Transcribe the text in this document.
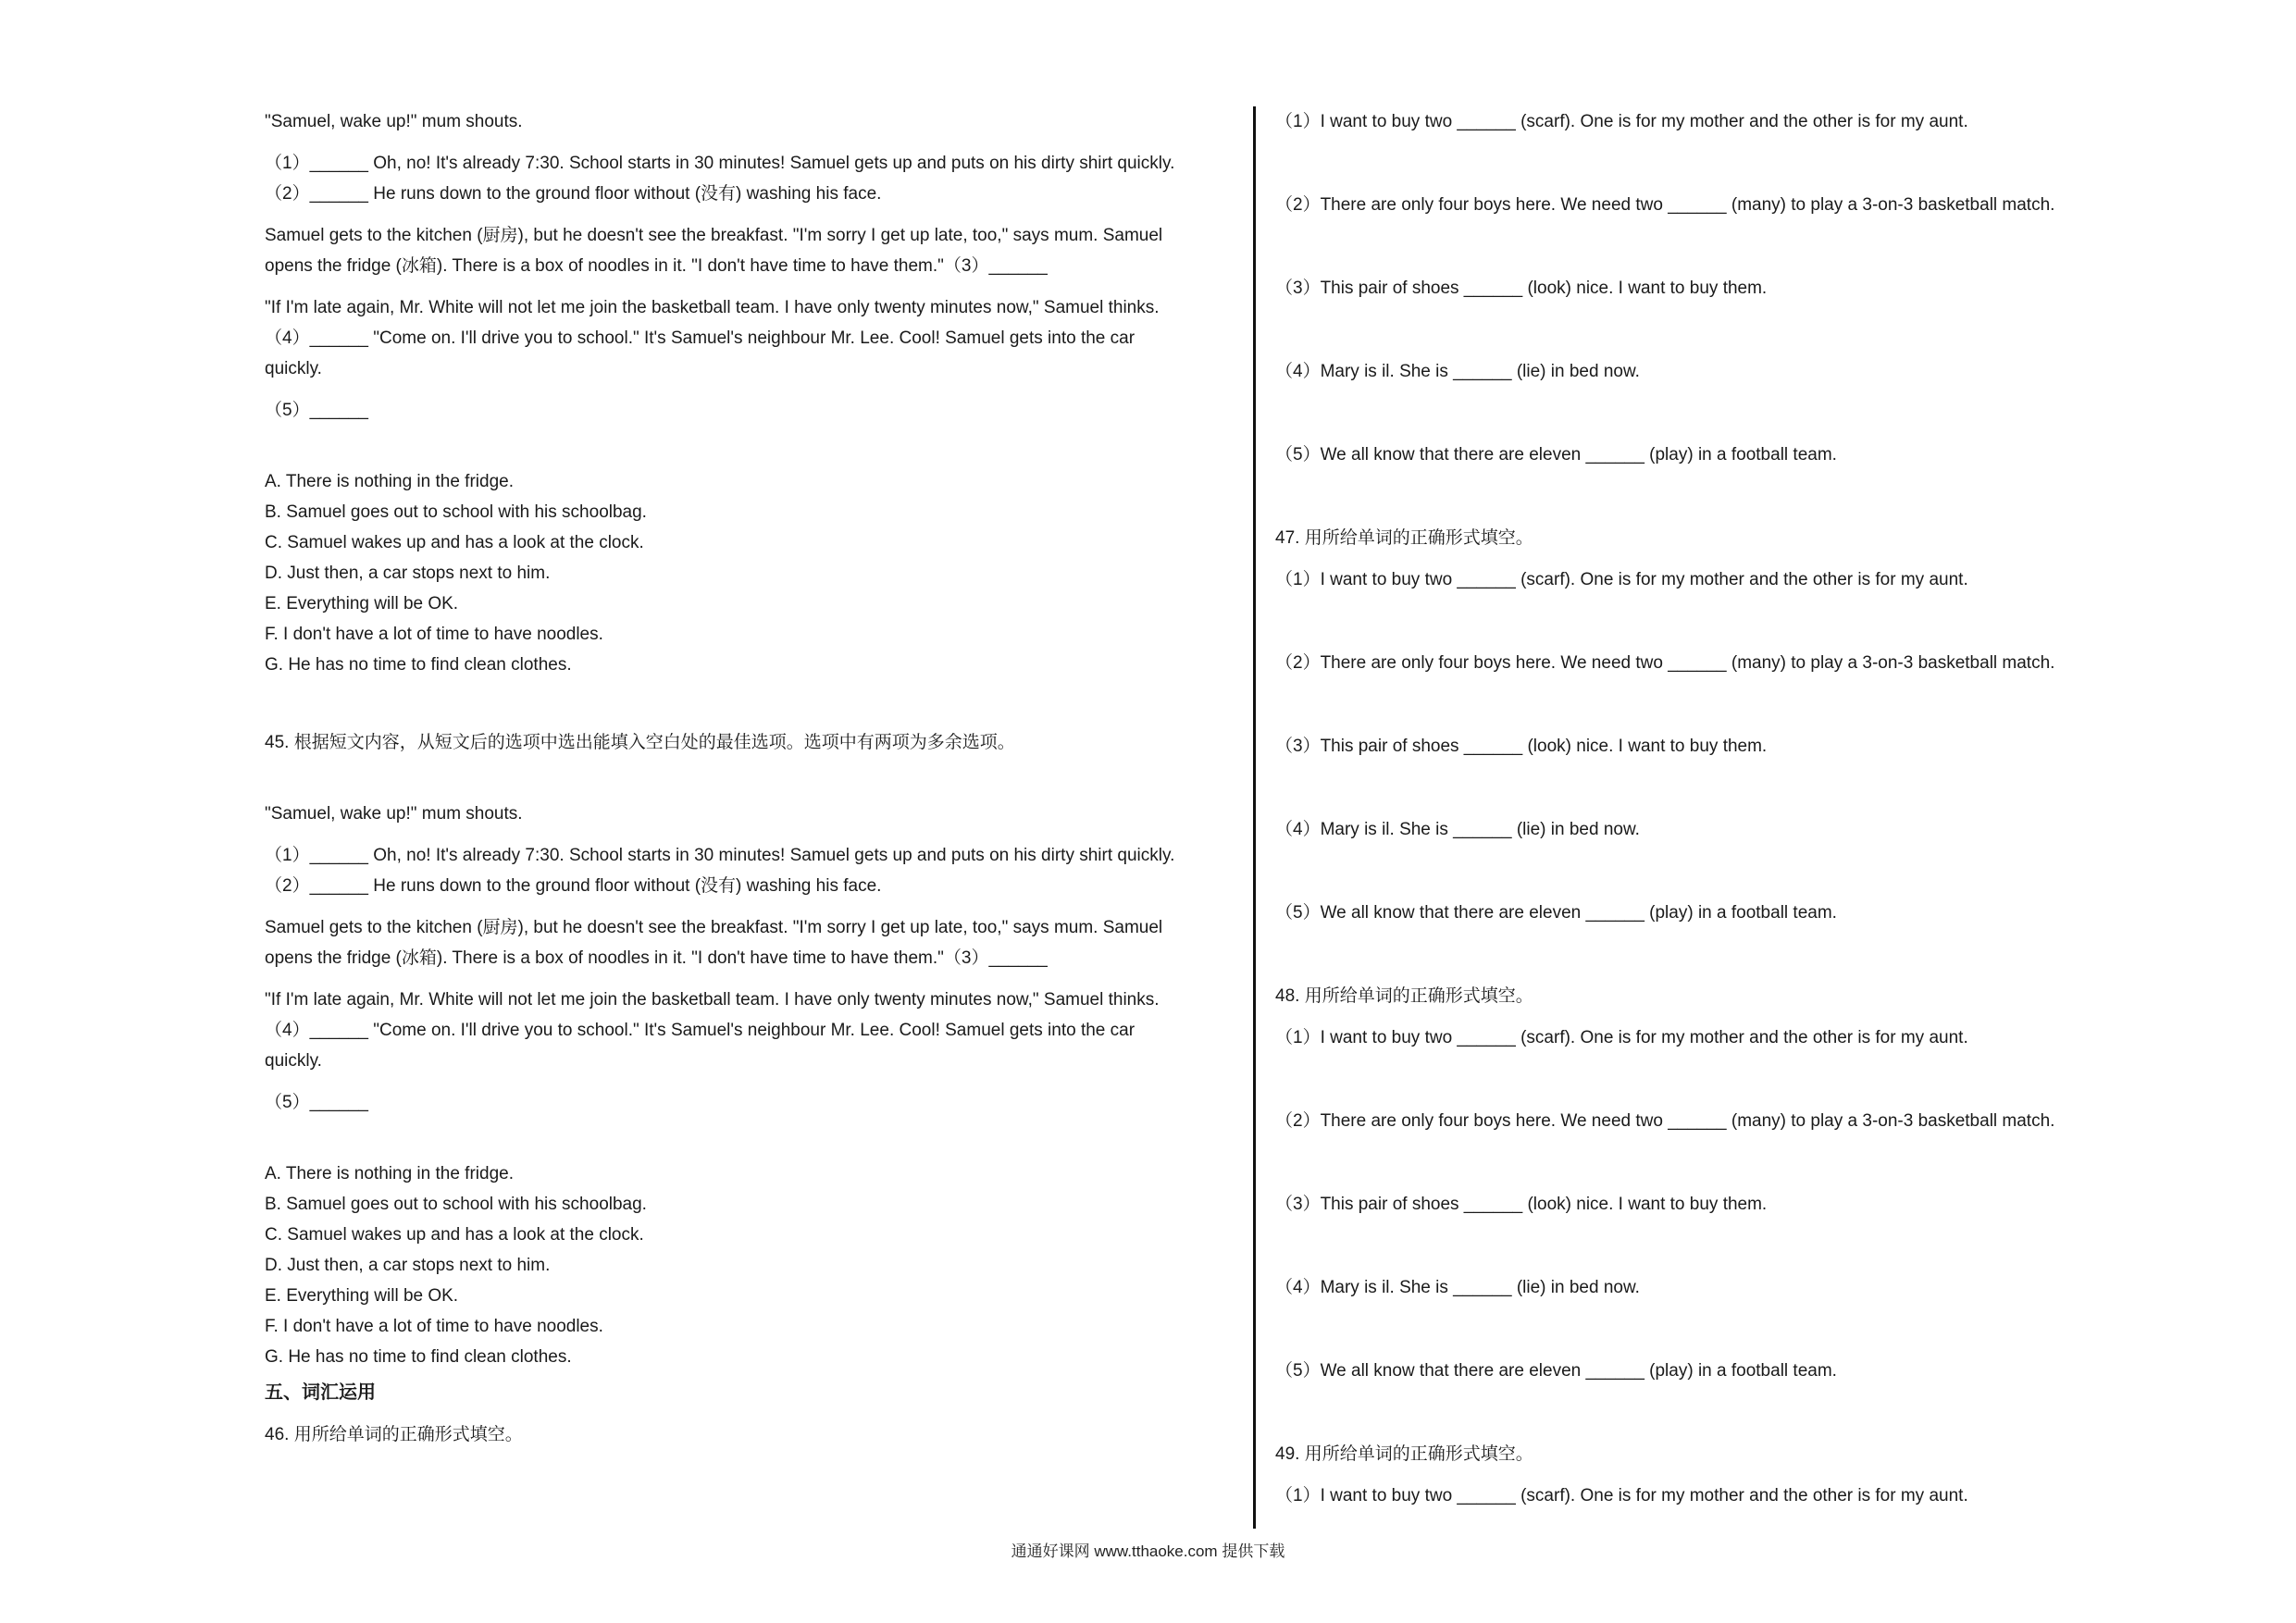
"Samuel, wake up!" mum shouts.

（1）______ Oh, no! It's already 7:30. School starts in 30 minutes! Samuel gets up and puts on his dirty shirt quickly.

（2）______ He runs down to the ground floor without (没有) washing his face.

Samuel gets to the kitchen (厨房), but he doesn't see the breakfast. "I'm sorry I get up late, too," says mum. Samuel

opens the fridge (冰箱). There is a box of noodles in it. "I don't have time to have them."（3）______

"If I'm late again, Mr. White will not let me join the basketball team. I have only twenty minutes now," Samuel thinks.

（4）______ "Come on. I'll drive you to school." It's Samuel's neighbour Mr. Lee. Cool! Samuel gets into the car

quickly.

（5）______

A. There is nothing in the fridge.

B. Samuel goes out to school with his schoolbag.

C. Samuel wakes up and has a look at the clock.

D. Just then, a car stops next to him.

E. Everything will be OK.

F. I don't have a lot of time to have noodles.

G. He has no time to find clean clothes.

45. 根据短文内容，从短文后的选项中选出能填入空白处的最佳选项。选项中有两项为多余选项。

"Samuel, wake up!" mum shouts.

（1）______ Oh, no! It's already 7:30. School starts in 30 minutes! Samuel gets up and puts on his dirty shirt quickly.

（2）______ He runs down to the ground floor without (没有) washing his face.

Samuel gets to the kitchen (厨房), but he doesn't see the breakfast. "I'm sorry I get up late, too," says mum. Samuel

opens the fridge (冰箱). There is a box of noodles in it. "I don't have time to have them."（3）______

"If I'm late again, Mr. White will not let me join the basketball team. I have only twenty minutes now," Samuel thinks.

（4）______ "Come on. I'll drive you to school." It's Samuel's neighbour Mr. Lee. Cool! Samuel gets into the car

quickly.

（5）______

A. There is nothing in the fridge.

B. Samuel goes out to school with his schoolbag.

C. Samuel wakes up and has a look at the clock.

D. Just then, a car stops next to him.

E. Everything will be OK.

F. I don't have a lot of time to have noodles.

G. He has no time to find clean clothes.

五、词汇运用

46. 用所给单词的正确形式填空。

（1）I want to buy two ______ (scarf). One is for my mother and the other is for my aunt.

（2）There are only four boys here. We need two ______ (many) to play a 3-on-3 basketball match.

（3）This pair of shoes ______ (look) nice. I want to buy them.

（4）Mary is il. She is ______ (lie) in bed now.

（5）We all know that there are eleven ______ (play) in a football team.

47. 用所给单词的正确形式填空。

（1）I want to buy two ______ (scarf). One is for my mother and the other is for my aunt.

（2）There are only four boys here. We need two ______ (many) to play a 3-on-3 basketball match.

（3）This pair of shoes ______ (look) nice. I want to buy them.

（4）Mary is il. She is ______ (lie) in bed now.

（5）We all know that there are eleven ______ (play) in a football team.

48. 用所给单词的正确形式填空。

（1）I want to buy two ______ (scarf). One is for my mother and the other is for my aunt.

（2）There are only four boys here. We need two ______ (many) to play a 3-on-3 basketball match.

（3）This pair of shoes ______ (look) nice. I want to buy them.

（4）Mary is il. She is ______ (lie) in bed now.

（5）We all know that there are eleven ______ (play) in a football team.

49. 用所给单词的正确形式填空。

（1）I want to buy two ______ (scarf). One is for my mother and the other is for my aunt.

通通好课网 www.tthaoke.com 提供下载
